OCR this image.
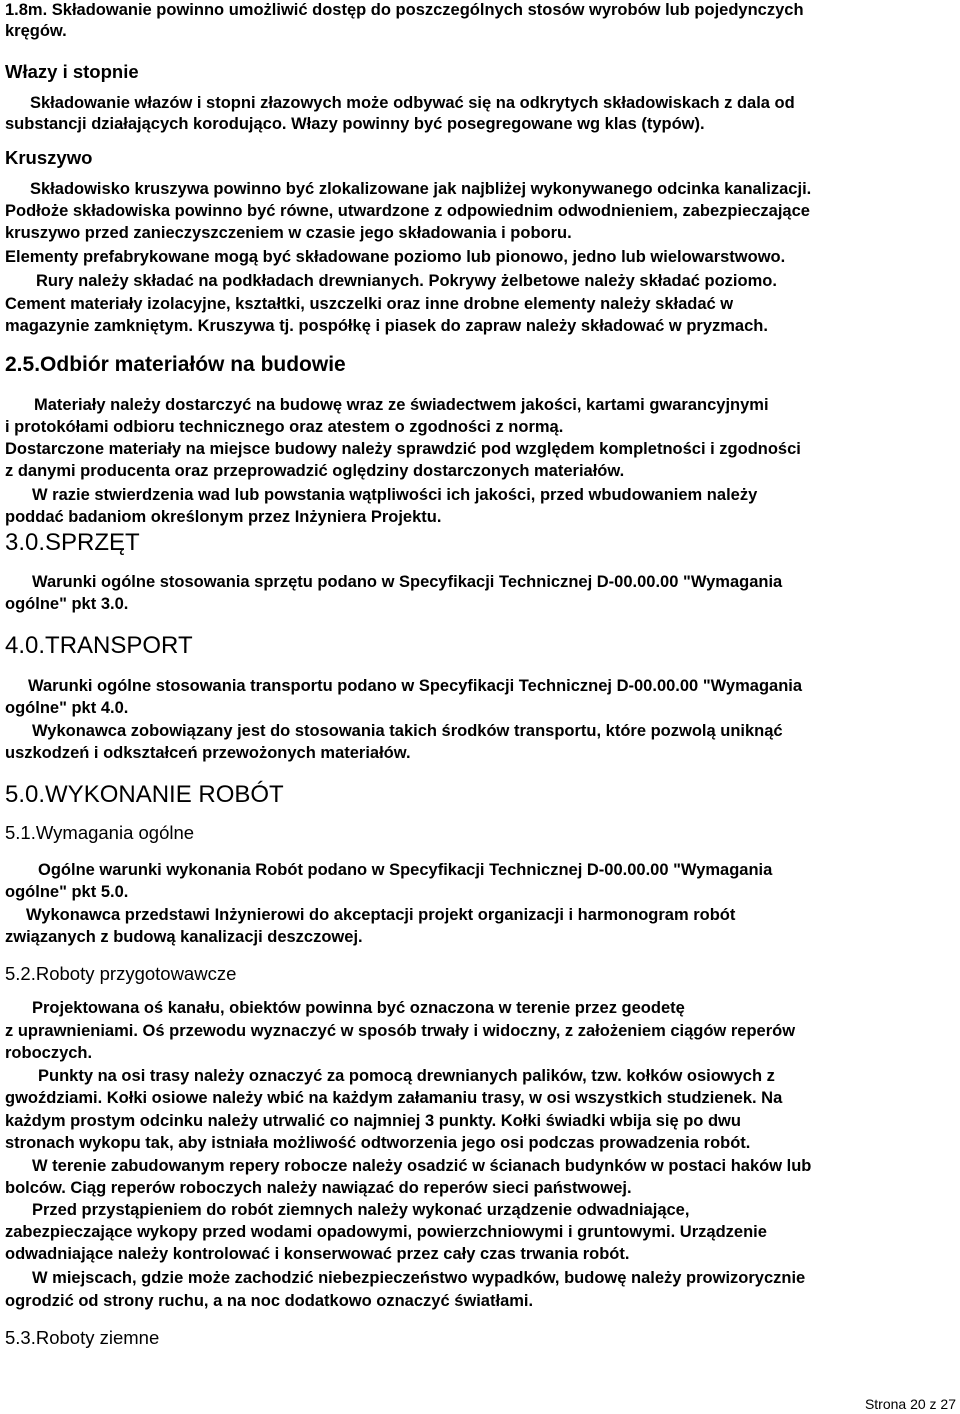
1.8m. Składowanie powinno umożliwić dostęp do poszczególnych stosów wyrobów lub pojedynczych
kręgów.
Włazy i stopnie
Składowanie włazów i stopni złazowych może odbywać się na odkrytych składowiskach z dala od
substancji działających korodująco. Włazy powinny być posegregowane wg klas (typów).
Kruszywo
Składowisko kruszywa powinno być zlokalizowane jak najbliżej wykonywanego odcinka kanalizacji.
Podłoże składowiska powinno być równe, utwardzone z odpowiednim odwodnieniem, zabezpieczające
kruszywo przed zanieczyszczeniem w czasie jego składowania i poboru.
Elementy prefabrykowane mogą być składowane poziomo lub pionowo, jedno lub wielowarstwowo.
Rury należy składać na podkładach drewnianych. Pokrywy żelbetowe należy składać poziomo.
Cement materiały izolacyjne, kształtki, uszczelki oraz inne drobne elementy należy składać w
magazynie zamkniętym. Kruszywa tj. pospółkę i piasek do zapraw należy składować w pryzmach.
2.5.Odbiór materiałów na budowie
Materiały należy dostarczyć na budowę wraz ze świadectwem jakości, kartami gwarancyjnymi
i protokółami odbioru technicznego oraz atestem o zgodności z normą.
Dostarczone materiały na miejsce budowy należy sprawdzić pod względem kompletności i zgodności
z danymi producenta oraz przeprowadzić oględziny dostarczonych materiałów.
W razie stwierdzenia wad lub powstania wątpliwości ich jakości, przed wbudowaniem należy
poddać badaniom określonym przez Inżyniera Projektu.
3.0.SPRZĘT
Warunki ogólne stosowania sprzętu podano w Specyfikacji Technicznej D-00.00.00 "Wymagania
ogólne" pkt 3.0.
4.0.TRANSPORT
Warunki ogólne stosowania transportu podano w Specyfikacji Technicznej D-00.00.00 "Wymagania
ogólne" pkt 4.0.
Wykonawca zobowiązany jest do stosowania takich środków transportu, które pozwolą uniknąć
uszkodzeń i odkształceń przewożonych materiałów.
5.0.WYKONANIE ROBÓT
5.1.Wymagania ogólne
Ogólne warunki wykonania Robót podano w Specyfikacji Technicznej D-00.00.00 "Wymagania
ogólne" pkt 5.0.
Wykonawca przedstawi Inżynierowi do akceptacji projekt organizacji i harmonogram robót
związanych z budową kanalizacji deszczowej.
5.2.Roboty przygotowawcze
Projektowana oś kanału, obiektów powinna być oznaczona w terenie przez geodetę
z uprawnieniami. Oś przewodu wyznaczyć w sposób trwały i widoczny, z założeniem ciągów reperów
roboczych.
Punkty na osi trasy należy oznaczyć za pomocą drewnianych palików, tzw. kołków osiowych z
gwoździami. Kołki osiowe należy wbić na każdym załamaniu trasy, w osi wszystkich studzienek. Na
każdym prostym odcinku należy utrwalić co najmniej 3 punkty. Kołki świadki wbija się po dwu
stronach wykopu tak, aby istniała możliwość odtworzenia jego osi podczas prowadzenia robót.
W terenie zabudowanym repery robocze należy osadzić w ścianach budynków w postaci haków lub
bolców. Ciąg reperów roboczych należy nawiązać do reperów sieci państwowej.
Przed przystąpieniem do robót ziemnych należy wykonać urządzenie odwadniające,
zabezpieczające wykopy przed wodami opadowymi, powierzchniowymi i gruntowymi. Urządzenie
odwadniające należy kontrolować i konserwować przez cały czas trwania robót.
W miejscach, gdzie może zachodzić niebezpieczeństwo wypadków, budowę należy prowizorycznie
ogrodzić od strony ruchu, a na noc dodatkowo oznaczyć światłami.
5.3.Roboty ziemne
Strona 20 z 27
